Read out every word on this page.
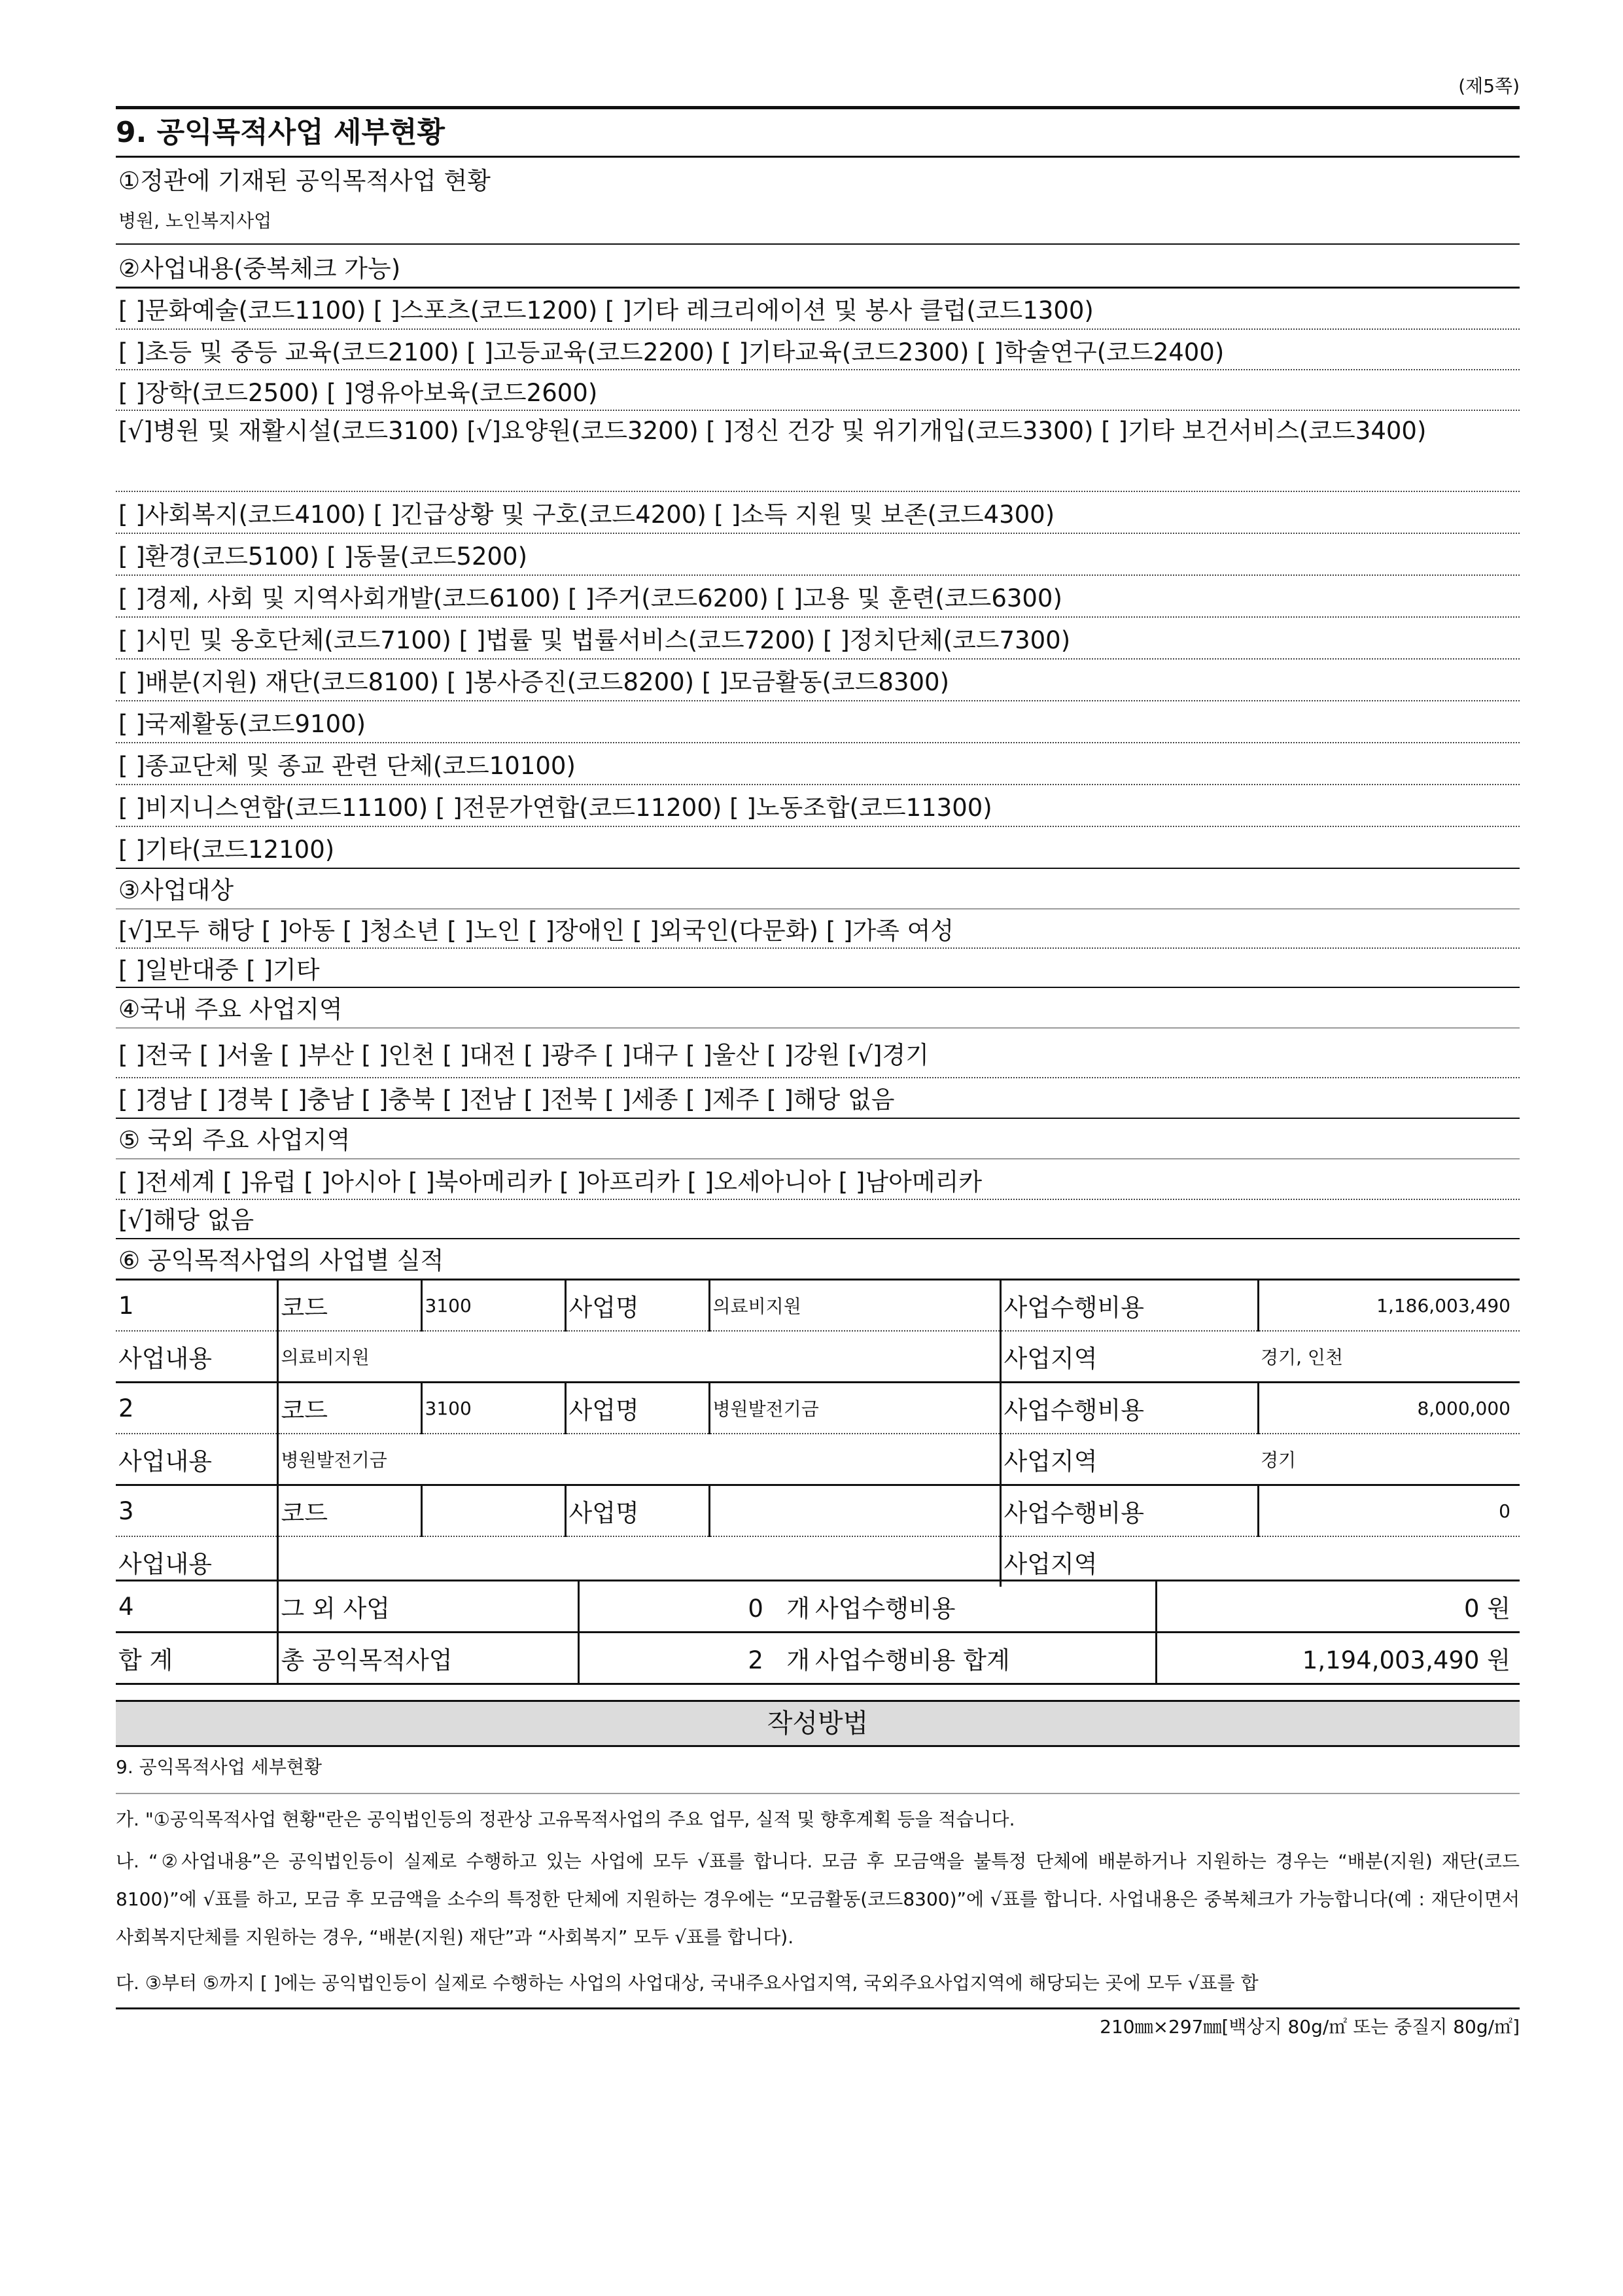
(제5쪽)
9. 공익목적사업 세부현황
①정관에 기재된 공익목적사업 현황
병원, 노인복지사업
②사업내용(중복체크 가능)
[ ]문화예술(코드1100) [ ]스포츠(코드1200) [ ]기타 레크리에이션 및 봉사 클럽(코드1300)
[ ]초등 및 중등 교육(코드2100) [ ]고등교육(코드2200) [ ]기타교육(코드2300) [ ]학술연구(코드2400)
[ ]장학(코드2500) [ ]영유아보육(코드2600)
[√]병원 및 재활시설(코드3100) [√]요양원(코드3200) [ ]정신 건강 및 위기개입(코드3300) [ ]기타 보건서비스(코드3400)
[ ]사회복지(코드4100) [ ]긴급상황 및 구호(코드4200) [ ]소득 지원 및 보존(코드4300)
[ ]환경(코드5100) [ ]동물(코드5200)
[ ]경제, 사회 및 지역사회개발(코드6100) [ ]주거(코드6200) [ ]고용 및 훈련(코드6300)
[ ]시민 및 옹호단체(코드7100) [ ]법률 및 법률서비스(코드7200) [ ]정치단체(코드7300)
[ ]배분(지원) 재단(코드8100) [ ]봉사증진(코드8200) [ ]모금활동(코드8300)
[ ]국제활동(코드9100)
[ ]종교단체 및 종교 관련 단체(코드10100)
[ ]비지니스연합(코드11100) [ ]전문가연합(코드11200) [ ]노동조합(코드11300)
[ ]기타(코드12100)
③사업대상
[√]모두 해당 [ ]아동 [ ]청소년 [ ]노인 [ ]장애인 [ ]외국인(다문화) [ ]가족 여성
[ ]일반대중 [ ]기타
④국내 주요 사업지역
[ ]전국 [ ]서울 [ ]부산 [ ]인천 [ ]대전 [ ]광주 [ ]대구 [ ]울산 [ ]강원 [√]경기
[ ]경남 [ ]경북 [ ]충남 [ ]충북 [ ]전남 [ ]전북 [ ]세종 [ ]제주 [ ]해당 없음
⑤ 국외 주요 사업지역
[ ]전세계 [ ]유럽 [ ]아시아 [ ]북아메리카 [ ]아프리카 [ ]오세아니아 [ ]남아메리카
[√]해당 없음
⑥ 공익목적사업의 사업별 실적
1	코드	3100	사업명	의료비지원	사업수행비용	1,186,003,490
사업내용	의료비지원				사업지역	경기, 인천
2	코드	3100	사업명	병원발전기금	사업수행비용	8,000,000
사업내용	병원발전기금				사업지역	경기
3	코드		사업명		사업수행비용	0
사업내용					사업지역	
4	그 외 사업	0 개	사업수행비용	0 원
합 계	총 공익목적사업	2 개	사업수행비용 합계	1,194,003,490 원
작성방법
9. 공익목적사업 세부현황
가. "①공익목적사업 현황"란은 공익법인등의 정관상 고유목적사업의 주요 업무, 실적 및 향후계획 등을 적습니다.
나. “②사업내용”은 공익법인등이 실제로 수행하고 있는 사업에 모두 √표를 합니다. 모금 후 모금액을 불특정 단체에 배분하거나 지원하는 경우는 “배분(지원) 재단(코드8100)”에 √표를 하고, 모금 후 모금액을 소수의 특정한 단체에 지원하는 경우에는 “모금활동(코드8300)”에 √표를 합니다. 사업내용은 중복체크가 가능합니다(예 : 재단이면서 사회복지단체를 지원하는 경우, “배분(지원) 재단”과 “사회복지” 모두 √표를 합니다).
다. ③부터 ⑤까지 [ ]에는 공익법인등이 실제로 수행하는 사업의 사업대상, 국내주요사업지역, 국외주요사업지역에 해당되는 곳에 모두 √표를 합
210㎜×297㎜[백상지 80g/㎡ 또는 중질지 80g/㎡]
